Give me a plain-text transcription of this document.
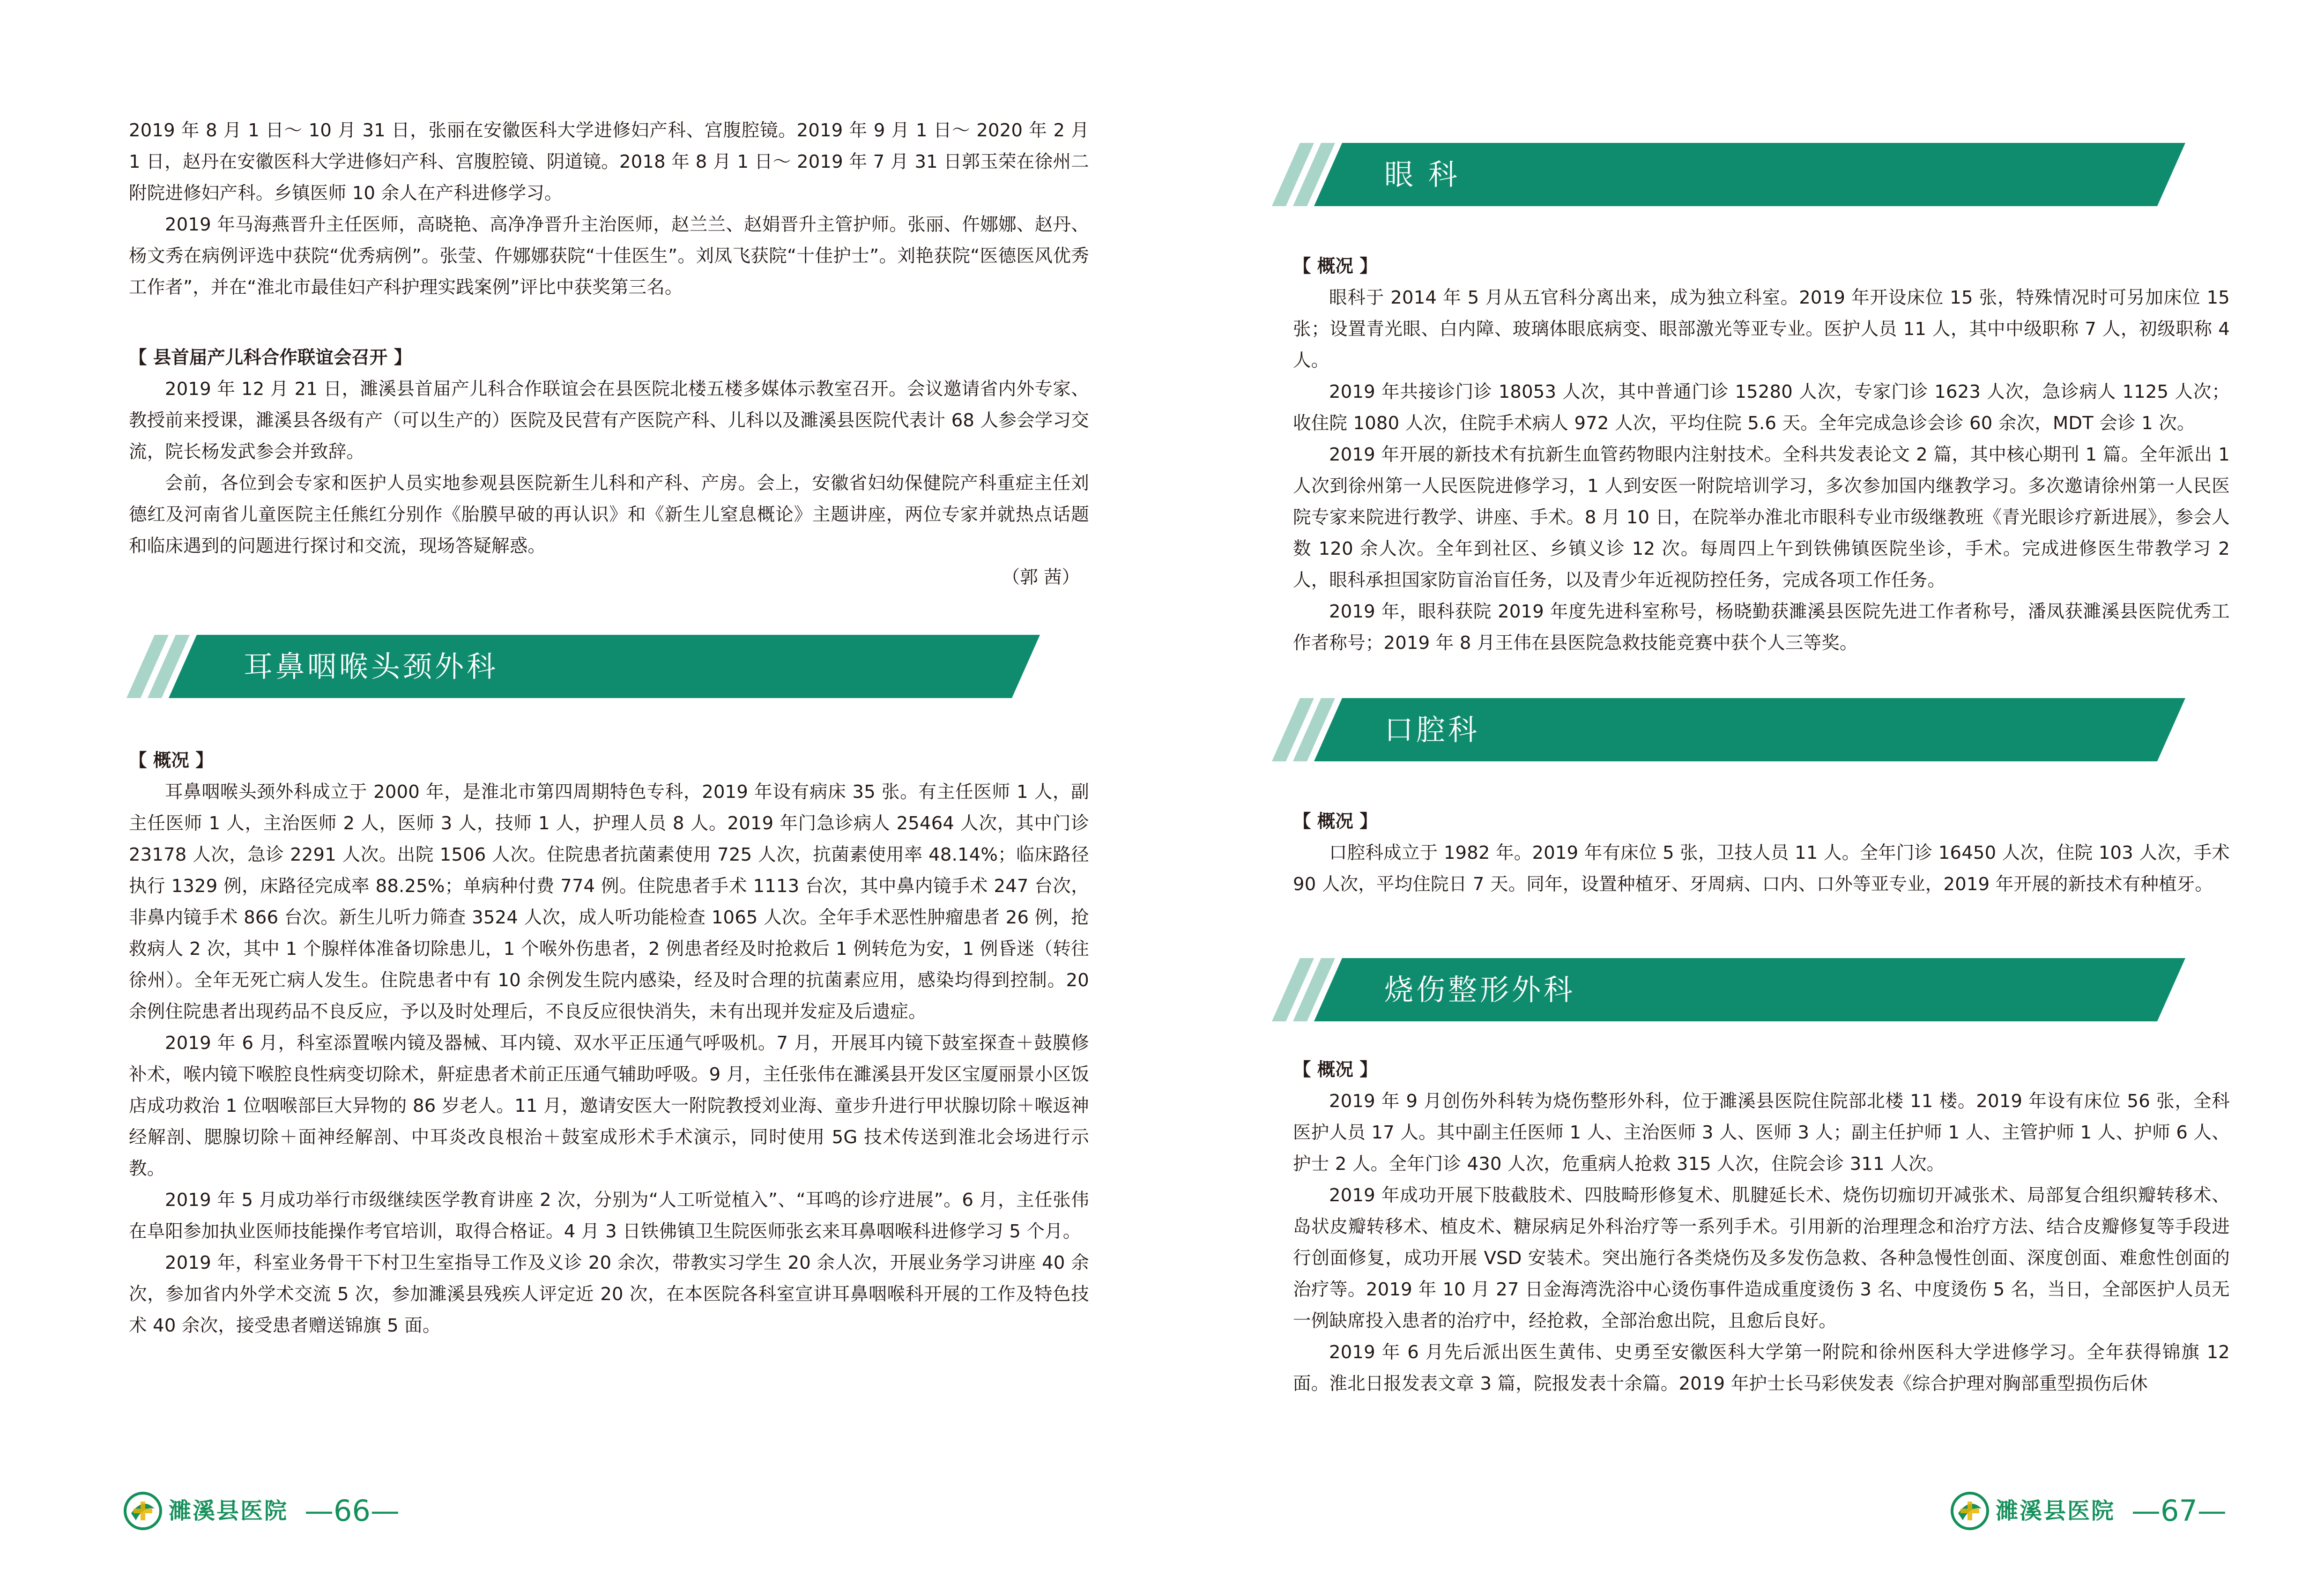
2019 年 8 月 1 日～ 10 月 31 日，张丽在安徽医科大学进修妇产科、宫腹腔镜。2019 年 9 月 1 日～ 2020 年 2 月 1 日，赵丹在安徽医科大学进修妇产科、宫腹腔镜、阴道镜。2018 年 8 月 1 日～ 2019 年 7 月 31 日郭玉荣在徐州二附院进修妇产科。乡镇医师 10 余人在产科进修学习。

2019 年马海燕晋升主任医师，高晓艳、高净净晋升主治医师，赵兰兰、赵娟晋升主管护师。张丽、仵娜娜、赵丹、杨文秀在病例评选中获院“优秀病例”。张莹、仵娜娜获院“十佳医生”。刘凤飞获院“十佳护士”。刘艳获院“医德医风优秀工作者”，并在“淮北市最佳妇产科护理实践案例”评比中获奖第三名。

【 县首届产儿科合作联谊会召开 】

2019 年 12 月 21 日，濉溪县首届产儿科合作联谊会在县医院北楼五楼多媒体示教室召开。会议邀请省内外专家、教授前来授课，濉溪县各级有产（可以生产的）医院及民营有产医院产科、儿科以及濉溪县医院代表计 68 人参会学习交流，院长杨发武参会并致辞。

会前，各位到会专家和医护人员实地参观县医院新生儿科和产科、产房。会上，安徽省妇幼保健院产科重症主任刘德红及河南省儿童医院主任熊红分别作《胎膜早破的再认识》和《新生儿窒息概论》主题讲座，两位专家并就热点话题和临床遇到的问题进行探讨和交流，现场答疑解惑。

（郭 茜）
耳鼻咽喉头颈外科
【 概况 】

耳鼻咽喉头颈外科成立于 2000 年，是淮北市第四周期特色专科，2019 年设有病床 35 张。有主任医师 1 人，副主任医师 1 人，主治医师 2 人，医师 3 人，技师 1 人，护理人员 8 人。2019 年门急诊病人 25464 人次，其中门诊 23178 人次，急诊 2291 人次。出院 1506 人次。住院患者抗菌素使用 725 人次，抗菌素使用率 48.14%；临床路径执行 1329 例，床路径完成率 88.25%；单病种付费 774 例。住院患者手术 1113 台次，其中鼻内镜手术 247 台次，非鼻内镜手术 866 台次。新生儿听力筛查 3524 人次，成人听功能检查 1065 人次。全年手术恶性肿瘤患者 26 例，抢救病人 2 次，其中 1 个腺样体准备切除患儿，1 个喉外伤患者，2 例患者经及时抢救后 1 例转危为安，1 例昏迷（转往徐州）。全年无死亡病人发生。住院患者中有 10 余例发生院内感染，经及时合理的抗菌素应用，感染均得到控制。20 余例住院患者出现药品不良反应，予以及时处理后，不良反应很快消失，未有出现并发症及后遗症。

2019 年 6 月，科室添置喉内镜及器械、耳内镜、双水平正压通气呼吸机。7 月，开展耳内镜下鼓室探查＋鼓膜修补术，喉内镜下喉腔良性病变切除术，鼾症患者术前正压通气辅助呼吸。9 月，主任张伟在濉溪县开发区宝厦丽景小区饭店成功救治 1 位咽喉部巨大异物的 86 岁老人。11 月，邀请安医大一附院教授刘业海、童步升进行甲状腺切除＋喉返神经解剖、腮腺切除＋面神经解剖、中耳炎改良根治＋鼓室成形术手术演示，同时使用 5G 技术传送到淮北会场进行示教。

2019 年 5 月成功举行市级继续医学教育讲座 2 次，分别为“人工听觉植入”、“耳鸣的诊疗进展”。6 月，主任张伟在阜阳参加执业医师技能操作考官培训，取得合格证。4 月 3 日铁佛镇卫生院医师张玄来耳鼻咽喉科进修学习 5 个月。

2019 年，科室业务骨干下村卫生室指导工作及义诊 20 余次，带教实习学生 20 余人次，开展业务学习讲座 40 余次，参加省内外学术交流 5 次，参加濉溪县残疾人评定近 20 次，在本医院各科室宣讲耳鼻咽喉科开展的工作及特色技术 40 余次，接受患者赠送锦旗 5 面。

濉溪县医院 —66—
眼 科
【 概况 】

眼科于 2014 年 5 月从五官科分离出来，成为独立科室。2019 年开设床位 15 张，特殊情况时可另加床位 15 张；设置青光眼、白内障、玻璃体眼底病变、眼部激光等亚专业。医护人员 11 人，其中中级职称 7 人，初级职称 4 人。

2019 年共接诊门诊 18053 人次，其中普通门诊 15280 人次，专家门诊 1623 人次，急诊病人 1125 人次；收住院 1080 人次，住院手术病人 972 人次，平均住院 5.6 天。全年完成急诊会诊 60 余次，MDT 会诊 1 次。

2019 年开展的新技术有抗新生血管药物眼内注射技术。全科共发表论文 2 篇，其中核心期刊 1 篇。全年派出 1 人次到徐州第一人民医院进修学习，1 人到安医一附院培训学习，多次参加国内继教学习。多次邀请徐州第一人民医院专家来院进行教学、讲座、手术。8 月 10 日，在院举办淮北市眼科专业市级继教班《青光眼诊疗新进展》，参会人数 120 余人次。全年到社区、乡镇义诊 12 次。每周四上午到铁佛镇医院坐诊，手术。完成进修医生带教学习 2 人，眼科承担国家防盲治盲任务，以及青少年近视防控任务，完成各项工作任务。

2019 年，眼科获院 2019 年度先进科室称号，杨晓勤获濉溪县医院先进工作者称号，潘凤获濉溪县医院优秀工作者称号；2019 年 8 月王伟在县医院急救技能竞赛中获个人三等奖。

【 概况 】

口腔科成立于 1982 年。2019 年有床位 5 张，卫技人员 11 人。全年门诊 16450 人次，住院 103 人次，手术 90 人次，平均住院日 7 天。同年，设置种植牙、牙周病、口内、口外等亚专业，2019 年开展的新技术有种植牙。

【 概况 】

2019 年 9 月创伤外科转为烧伤整形外科，位于濉溪县医院住院部北楼 11 楼。2019 年设有床位 56 张，全科医护人员 17 人。其中副主任医师 1 人、主治医师 3 人、医师 3 人；副主任护师 1 人、主管护师 1 人、护师 6 人、护士 2 人。全年门诊 430 人次，危重病人抢救 315 人次，住院会诊 311 人次。

2019 年成功开展下肢截肢术、四肢畸形修复术、肌腱延长术、烧伤切痂切开减张术、局部复合组织瓣转移术、岛状皮瓣转移术、植皮术、糖尿病足外科治疗等一系列手术。引用新的治理理念和治疗方法、结合皮瓣修复等手段进行创面修复，成功开展 VSD 安装术。突出施行各类烧伤及多发伤急救、各种急慢性创面、深度创面、难愈性创面的治疗等。2019 年 10 月 27 日金海湾洗浴中心烫伤事件造成重度烫伤 3 名、中度烫伤 5 名，当日，全部医护人员无一例缺席投入患者的治疗中，经抢救，全部治愈出院，且愈后良好。

2019 年 6 月先后派出医生黄伟、史勇至安徽医科大学第一附院和徐州医科大学进修学习。全年获得锦旗 12 面。淮北日报发表文章 3 篇，院报发表十余篇。2019 年护士长马彩侠发表《综合护理对胸部重型损伤后休

口腔科
烧伤整形外科
濉溪县医院 —67—
